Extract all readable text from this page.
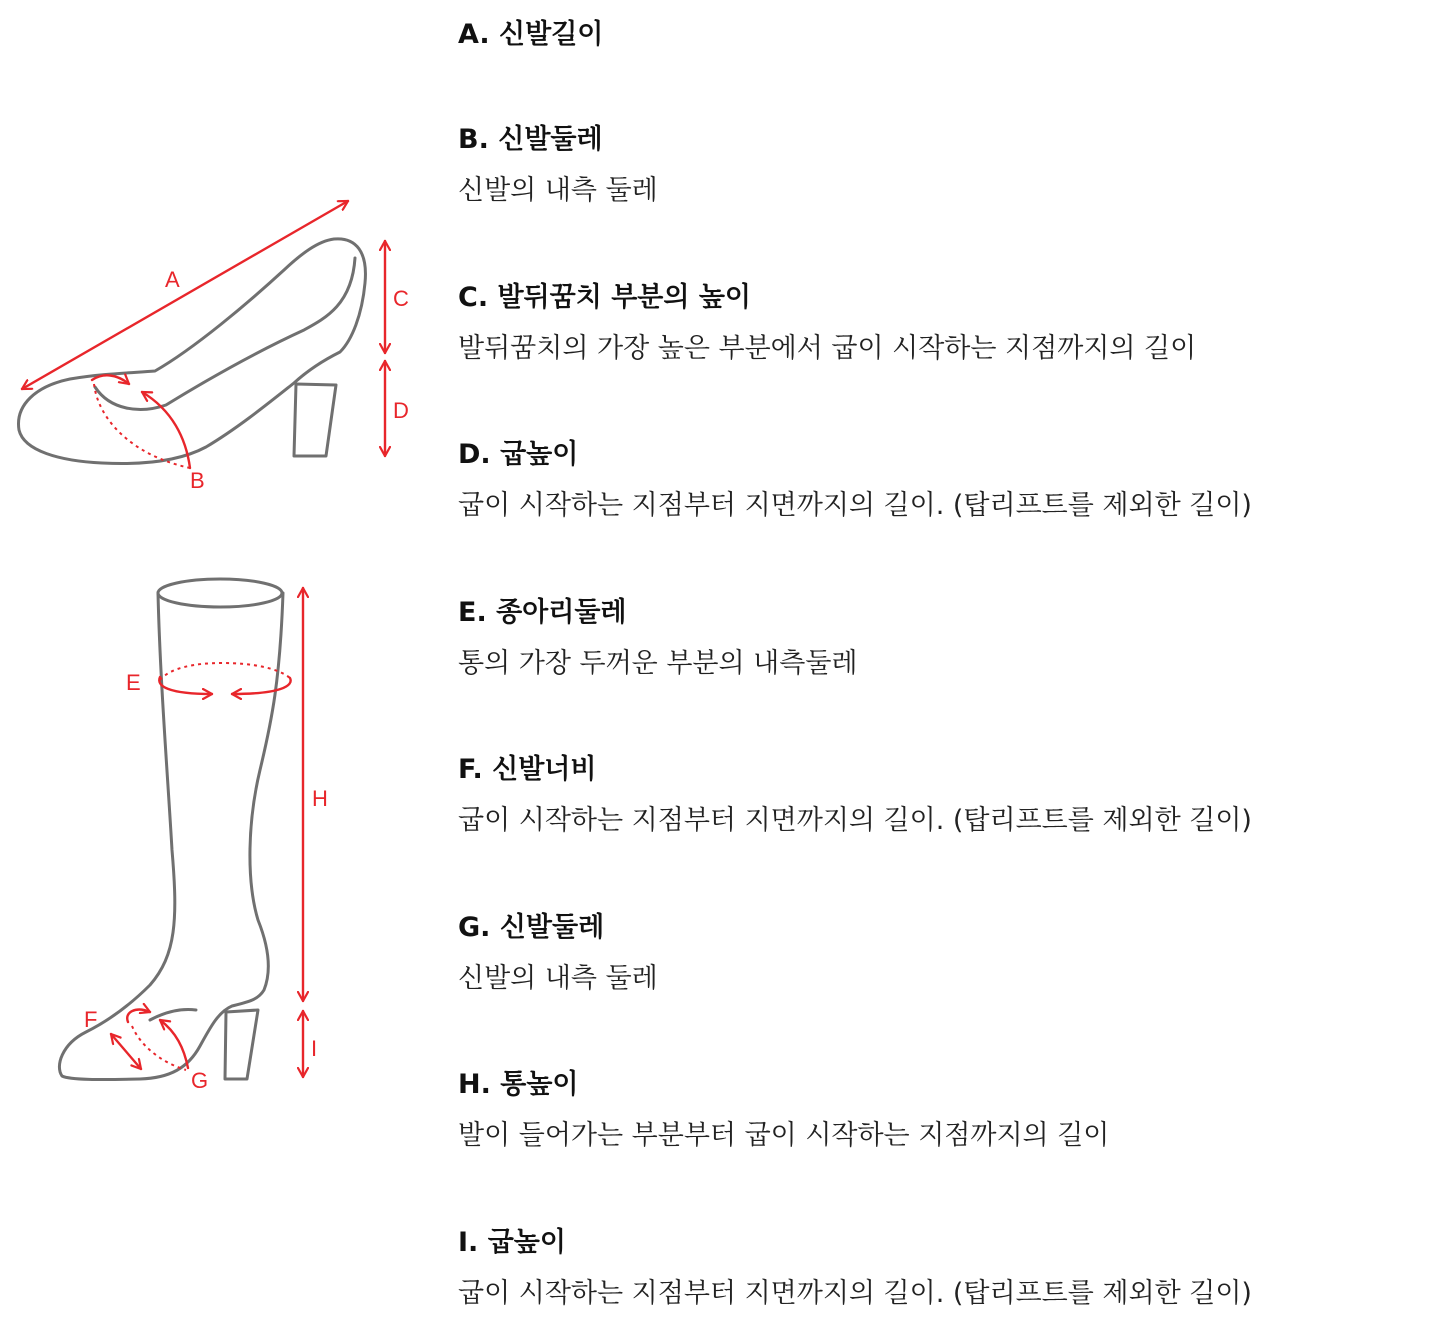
A
B
C
D
E
H
I
F
G
A. 신발길이
B. 신발둘레
신발의 내측 둘레
C. 발뒤꿈치 부분의 높이
발뒤꿈치의 가장 높은 부분에서 굽이 시작하는 지점까지의 길이
D. 굽높이
굽이 시작하는 지점부터 지면까지의 길이. (탑리프트를 제외한 길이)
E. 종아리둘레
통의 가장 두꺼운 부분의 내측둘레
F. 신발너비
굽이 시작하는 지점부터 지면까지의 길이. (탑리프트를 제외한 길이)
G. 신발둘레
신발의 내측 둘레
H. 통높이
발이 들어가는 부분부터 굽이 시작하는 지점까지의 길이
I. 굽높이
굽이 시작하는 지점부터 지면까지의 길이. (탑리프트를 제외한 길이)
